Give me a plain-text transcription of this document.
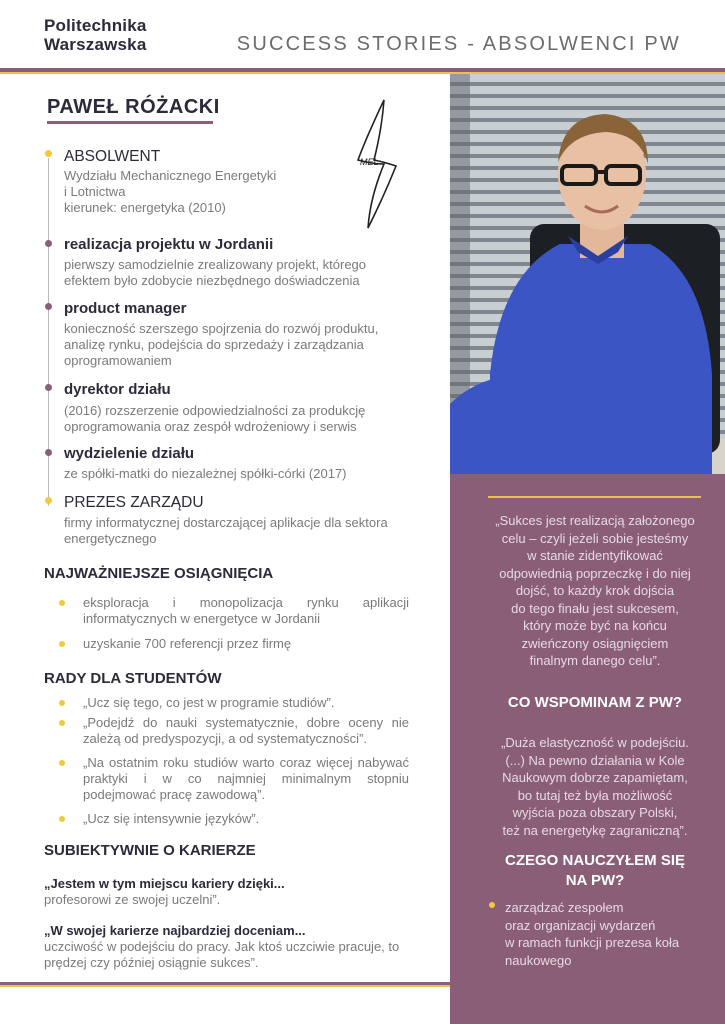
Politechnika
Warszawska	SUCCESS STORIES - ABSOLWENCI PW
„Sukces jest realizacją założonego
celu – czyli jeżeli sobie jesteśmy
w stanie zidentyfikować
odpowiednią poprzeczkę i do niej
dojść, to każdy krok dojścia
do tego finału jest sukcesem,
który może być na końcu
zwieńczony osiągnięciem
finalnym danego celu”.
CO WSPOMINAM Z PW?
„Duża elastyczność w podejściu.
(...) Na pewno działania w Kole
Naukowym dobrze zapamiętam,
bo tutaj też była możliwość
wyjścia poza obszary Polski,
też na energetykę zagraniczną”.
CZEGO NAUCZYŁEM SIĘ
NA PW?
zarządzać zespołem
oraz organizacji wydarzeń
w ramach funkcji prezesa koła
naukowego
PAWEŁ RÓŻACKI
MEL
ABSOLWENT
Wydziału Mechanicznego Energetyki
i Lotnictwa
kierunek: energetyka (2010)
realizacja projektu w Jordanii
pierwszy samodzielnie zrealizowany projekt, którego
efektem było zdobycie niezbędnego doświadczenia
product manager
konieczność szerszego spojrzenia do rozwój produktu,
analizę rynku, podejścia do sprzedaży i zarządzania
oprogramowaniem
dyrektor działu
(2016) rozszerzenie odpowiedzialności za produkcję
oprogramowania oraz zespół wdrożeniowy i serwis
wydzielenie działu
ze spółki-matki do niezależnej spółki-córki (2017)
PREZES ZARZĄDU
firmy informatycznej dostarczającej aplikacje dla sektora
energetycznego
NAJWAŻNIEJSZE OSIĄGNIĘCIA
eksploracja i monopolizacja rynku aplikacji informatycznych w energetyce w Jordanii
uzyskanie 700 referencji przez firmę
RADY DLA STUDENTÓW
„Ucz się tego, co jest w programie studiów”.
„Podejdź do nauki systematycznie, dobre oceny nie zależą od predyspozycji, a od systematyczności”.
„Na ostatnim roku studiów warto coraz więcej nabywać praktyki i w co najmniej minimalnym stopniu podejmować pracę zawodową”.
„Ucz się intensywnie języków”.
SUBIEKTYWNIE O KARIERZE
„Jestem w tym miejscu kariery dzięki...
profesorowi ze swojej uczelni”.
„W swojej karierze najbardziej doceniam...
uczciwość w podejściu do pracy. Jak ktoś uczciwie pracuje, to prędzej czy później osiągnie sukces”.
